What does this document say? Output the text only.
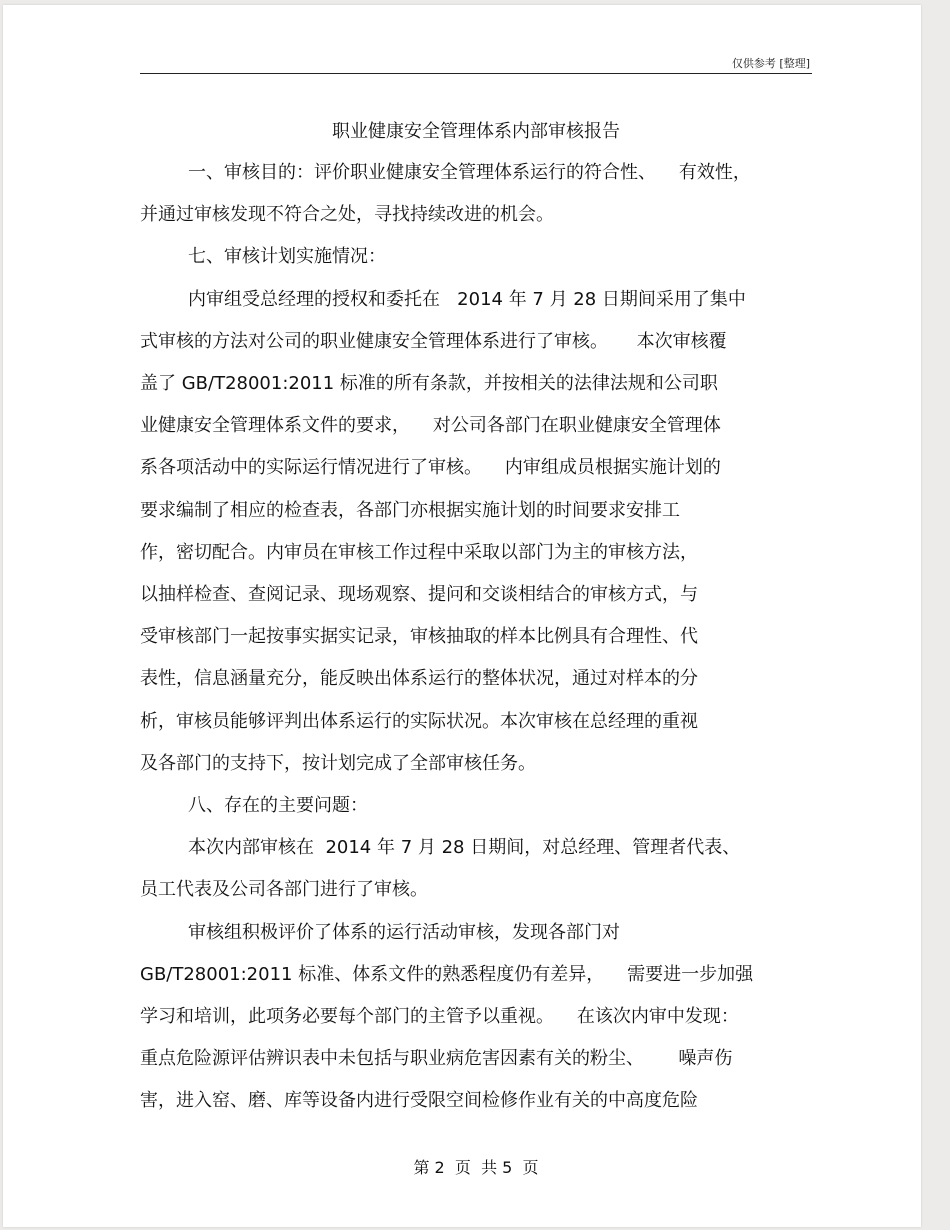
仅供参考 [整理]
职业健康安全管理体系内部审核报告
一、审核目的：评价职业健康安全管理体系运行的符合性、    有效性，
并通过审核发现不符合之处，寻找持续改进的机会。
七、审核计划实施情况：
内审组受总经理的授权和委托在   2014 年 7 月 28 日期间采用了集中
式审核的方法对公司的职业健康安全管理体系进行了审核。     本次审核覆
盖了 GB/T28001:2011 标准的所有条款，并按相关的法律法规和公司职
业健康安全管理体系文件的要求，    对公司各部门在职业健康安全管理体
系各项活动中的实际运行情况进行了审核。    内审组成员根据实施计划的
要求编制了相应的检查表，各部门亦根据实施计划的时间要求安排工
作，密切配合。内审员在审核工作过程中采取以部门为主的审核方法，
以抽样检查、查阅记录、现场观察、提问和交谈相结合的审核方式，与
受审核部门一起按事实据实记录，审核抽取的样本比例具有合理性、代
表性，信息涵量充分，能反映出体系运行的整体状况，通过对样本的分
析，审核员能够评判出体系运行的实际状况。本次审核在总经理的重视
及各部门的支持下，按计划完成了全部审核任务。
八、存在的主要问题：
本次内部审核在  2014 年 7 月 28 日期间，对总经理、管理者代表、
员工代表及公司各部门进行了审核。
审核组积极评价了体系的运行活动审核，发现各部门对
GB/T28001:2011 标准、体系文件的熟悉程度仍有差异，    需要进一步加强
学习和培训，此项务必要每个部门的主管予以重视。    在该次内审中发现：
重点危险源评估辨识表中未包括与职业病危害因素有关的粉尘、      噪声伤
害，进入窑、磨、库等设备内进行受限空间检修作业有关的中高度危险
第 2  页  共 5  页
